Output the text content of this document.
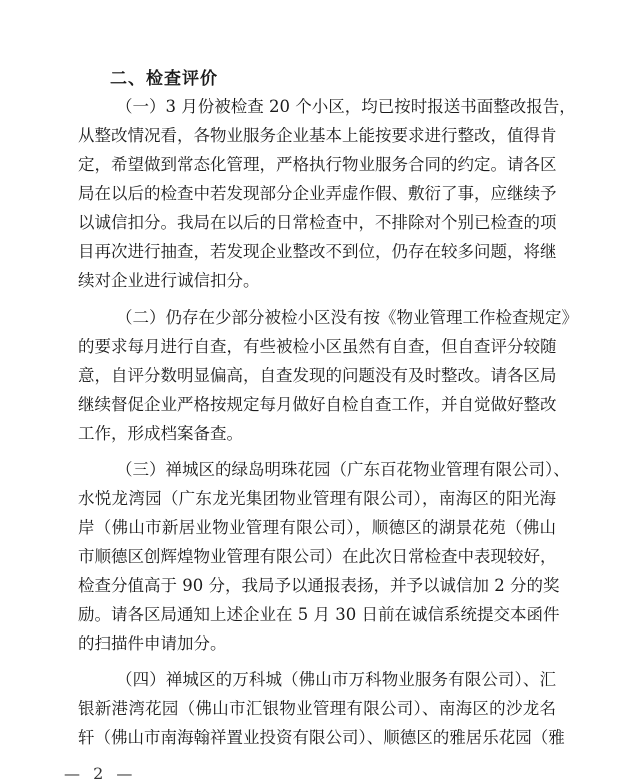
二、检查评价
（一）3 月份被检查 20 个小区，均已按时报送书面整改报告，
从整改情况看，各物业服务企业基本上能按要求进行整改，值得肯
定，希望做到常态化管理，严格执行物业服务合同的约定。请各区
局在以后的检查中若发现部分企业弄虚作假、敷衍了事，应继续予
以诚信扣分。我局在以后的日常检查中，不排除对个别已检查的项
目再次进行抽查，若发现企业整改不到位，仍存在较多问题，将继
续对企业进行诚信扣分。
（二）仍存在少部分被检小区没有按《物业管理工作检查规定》
的要求每月进行自查，有些被检小区虽然有自查，但自查评分较随
意，自评分数明显偏高，自查发现的问题没有及时整改。请各区局
继续督促企业严格按规定每月做好自检自查工作，并自觉做好整改
工作，形成档案备查。
（三）禅城区的绿岛明珠花园（广东百花物业管理有限公司）、
水悦龙湾园（广东龙光集团物业管理有限公司），南海区的阳光海
岸（佛山市新居业物业管理有限公司），顺德区的湖景花苑（佛山
市顺德区创辉煌物业管理有限公司）在此次日常检查中表现较好，
检查分值高于 90 分，我局予以通报表扬，并予以诚信加 2 分的奖
励。请各区局通知上述企业在 5 月 30 日前在诚信系统提交本函件
的扫描件申请加分。
（四）禅城区的万科城（佛山市万科物业服务有限公司）、汇
银新港湾花园（佛山市汇银物业管理有限公司）、南海区的沙龙名
轩（佛山市南海翰祥置业投资有限公司）、顺德区的雅居乐花园（雅
— 2 —
